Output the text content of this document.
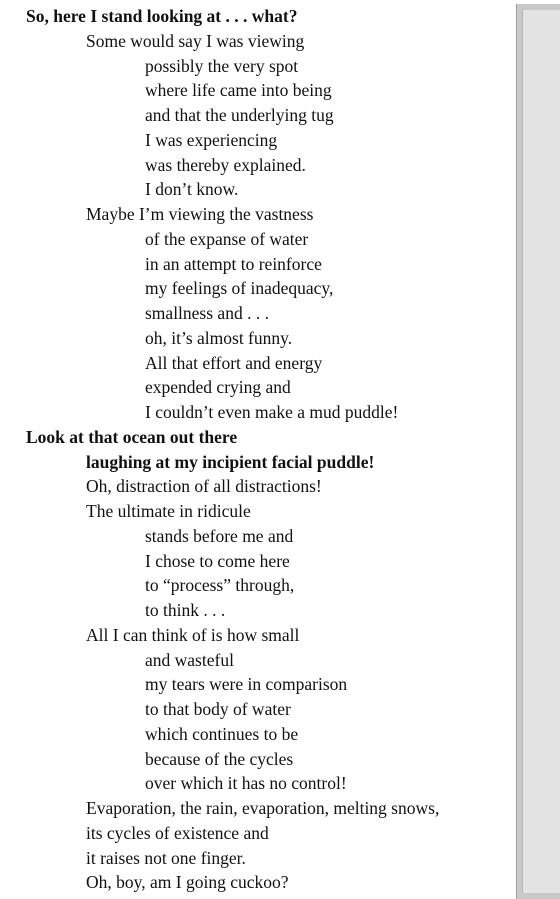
So, here I stand looking at . . . what?
Some would say I was viewing
possibly the very spot
where life came into being
and that the underlying tug
I was experiencing
was thereby explained.
I don’t know.
Maybe I’m viewing the vastness
of the expanse of water
in an attempt to reinforce
my feelings of inadequacy,
smallness and . . .
oh, it’s almost funny.
All that effort and energy
expended crying and
I couldn’t even make a mud puddle!
Look at that ocean out there
laughing at my incipient facial puddle!
Oh, distraction of all distractions!
The ultimate in ridicule
stands before me and
I chose to come here
to “process” through,
to think . . .
All I can think of is how small
and wasteful
my tears were in comparison
to that body of water
which continues to be
because of the cycles
over which it has no control!
Evaporation, the rain, evaporation, melting snows,
its cycles of existence and
it raises not one finger.
Oh, boy, am I going cuckoo?
